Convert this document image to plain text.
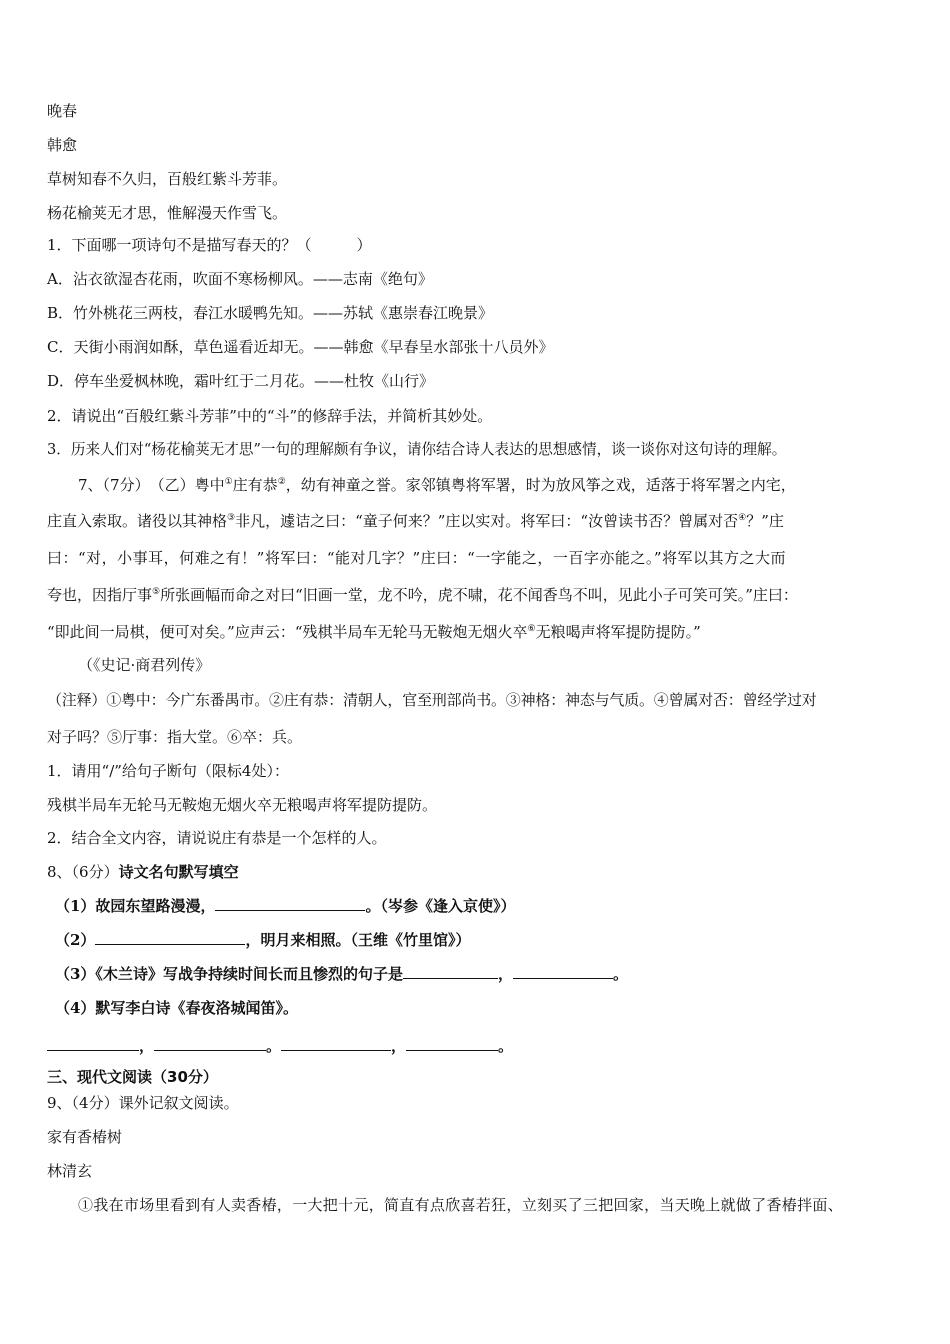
晚春
韩愈
草树知春不久归，百般红紫斗芳菲。
杨花榆荚无才思，惟解漫天作雪飞。
1．下面哪一项诗句不是描写春天的？（　　　）
A．沾衣欲湿杏花雨，吹面不寒杨柳风。——志南《绝句》
B．竹外桃花三两枝，春江水暖鸭先知。——苏轼《惠崇春江晚景》
C．天街小雨润如酥，草色遥看近却无。——韩愈《早春呈水部张十八员外》
D．停车坐爱枫林晚，霜叶红于二月花。——杜牧《山行》
2．请说出“百般红紫斗芳菲”中的“斗”的修辞手法，并简析其妙处。
3．历来人们对“杨花榆荚无才思”一句的理解颇有争议，请你结合诗人表达的思想感情，谈一谈你对这句诗的理解。
7、（7分）　（乙）粤中①庄有恭②，幼有神童之誉。家邻镇粤将军署，时为放风筝之戏，适落于将军署之内宅，
庄直入索取。诸役以其神格③非凡，遽诘之曰：“童子何来？”庄以实对。将军曰：“汝曾读书否？曾属对否④？”庄
曰：“对，小事耳，何难之有！”将军曰：“能对几字？”庄曰：“一字能之，一百字亦能之。”将军以其方之大而
夸也，因指厅事⑤所张画幅而命之对曰“旧画一堂，龙不吟，虎不啸，花不闻香鸟不叫，见此小子可笑可笑。”庄曰：
“即此间一局棋，便可对矣。”应声云：“残棋半局车无轮马无鞍炮无烟火卒⑥无粮喝声将军提防提防。”
（《史记·商君列传》
（注释）①粤中：今广东番禺市。②庄有恭：清朝人，官至刑部尚书。③神格：神态与气质。④曾属对否：曾经学过对
对子吗？⑤厅事：指大堂。⑥卒：兵。
1．请用“/”给句子断句（限标4处）：
残棋半局车无轮马无鞍炮无烟火卒无粮喝声将军提防提防。
2．结合全文内容，请说说庄有恭是一个怎样的人。
8、（6分）诗文名句默写填空
（1）故园东望路漫漫，	。（岑参《逢入京使》）
（2）	，明月来相照。（王维《竹里馆》）
（3）《木兰诗》写战争持续时间长而且惨烈的句子是	，	。
（4）默写李白诗《春夜洛城闻笛》。
，	。	，	。
三、现代文阅读（30分）
9、（4分）课外记叙文阅读。
家有香椿树
林清玄
①我在市场里看到有人卖香椿，一大把十元，简直有点欣喜若狂，立刻买了三把回家，当天晚上就做了香椿拌面、
